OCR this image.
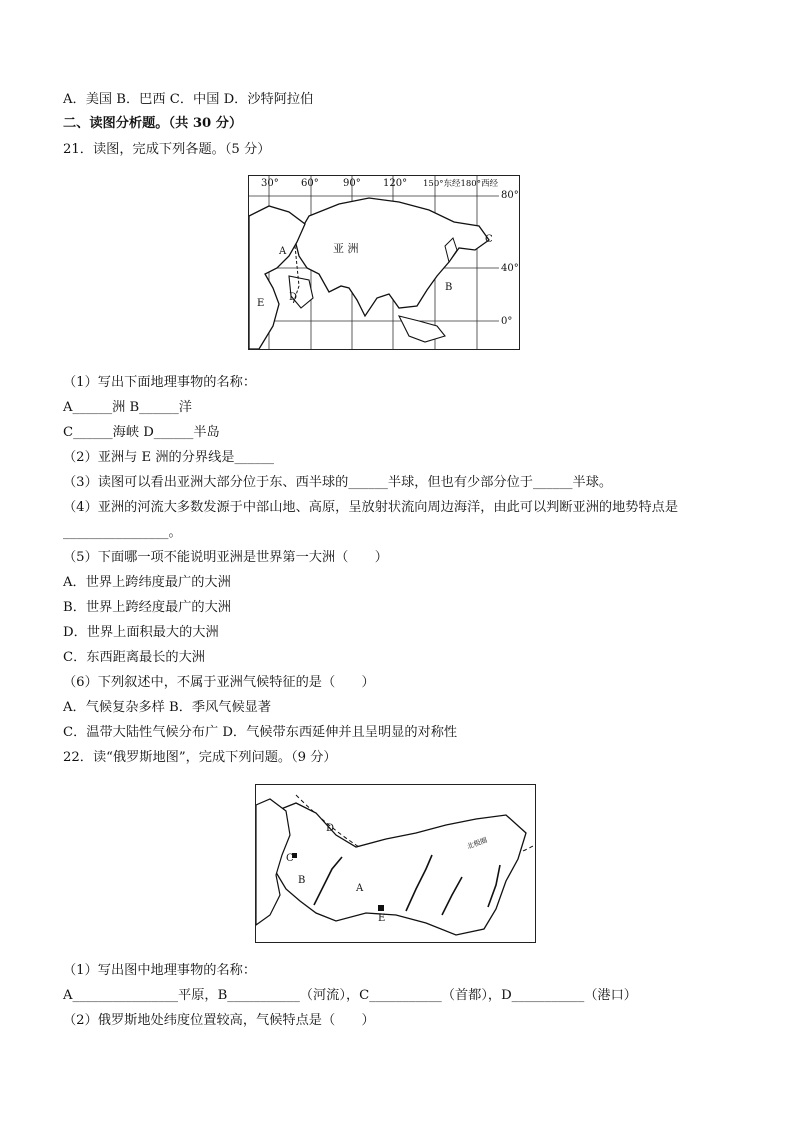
A．美国 B．巴西 C．中国 D．沙特阿拉伯
二、读图分析题。（共 30 分）
21．读图，完成下列各题。（5 分）
30° 60° 90° 120° 150°东经180°西经
80°
40°
0°
亚 洲
A
B
C
D
E
（1）写出下面地理事物的名称：
A______洲 B______洋
C______海峡 D______半岛
（2）亚洲与 E 洲的分界线是______
（3）读图可以看出亚洲大部分位于东、西半球的______半球，但也有少部分位于______半球。
（4）亚洲的河流大多数发源于中部山地、高原，呈放射状流向周边海洋，由此可以判断亚洲的地势特点是
________________。
（5）下面哪一项不能说明亚洲是世界第一大洲（　　）
A．世界上跨纬度最广的大洲
B．世界上跨经度最广的大洲
D．世界上面积最大的大洲
C．东西距离最长的大洲
（6）下列叙述中，不属于亚洲气候特征的是（　　）
A．气候复杂多样 B．季风气候显著
C．温带大陆性气候分布广 D．气候带东西延伸并且呈明显的对称性
22．读“俄罗斯地图”，完成下列问题。（9 分）
A
B
C
D
E
北极圈
（1）写出图中地理事物的名称：
A________________平原，B___________（河流），C___________（首都），D___________（港口）
（2）俄罗斯地处纬度位置较高，气候特点是（　　）
